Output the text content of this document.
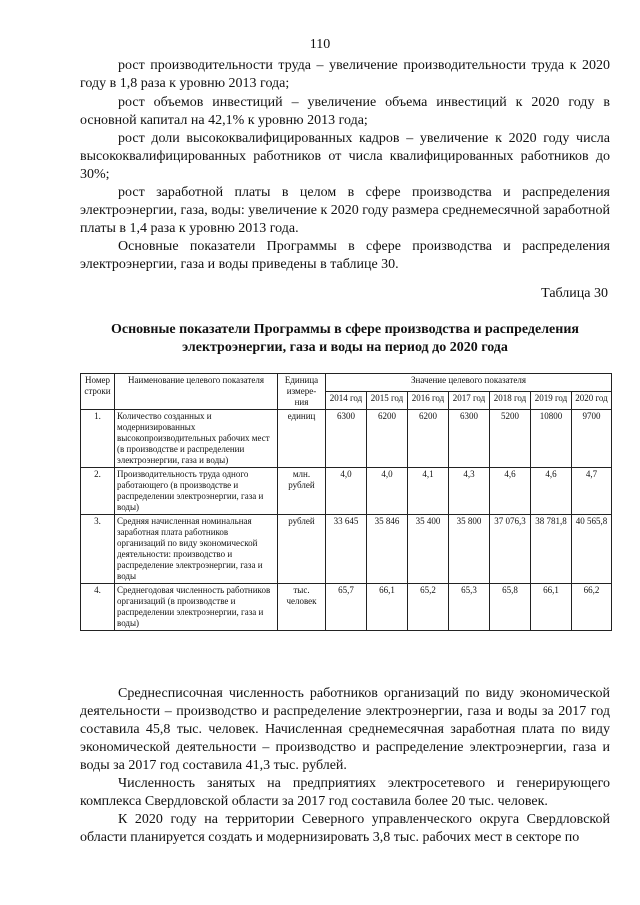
110

рост производительности труда – увеличение производительности труда к 2020 году в 1,8 раза к уровню 2013 года;

рост объемов инвестиций – увеличение объема инвестиций к 2020 году в основной капитал на 42,1% к уровню 2013 года;

рост доли высококвалифицированных кадров – увеличение к 2020 году числа высококвалифицированных работников от числа квалифицированных работников до 30%;

рост заработной платы в целом в сфере производства и распределения электроэнергии, газа, воды: увеличение к 2020 году размера среднемесячной заработной платы в 1,4 раза к уровню 2013 года.

Основные показатели Программы в сфере производства и распределения электроэнергии, газа и воды приведены в таблице 30.

Таблица 30
Основные показатели Программы в сфере производства и распределения электроэнергии, газа и воды на период до 2020 года
Номер строки	Наименование целевого показателя	Единица измере-ния	Значение целевого показателя						
			2014 год	2015 год	2016 год	2017 год	2018 год	2019 год	2020 год
1.	Количество созданных и модернизированных высокопроизводительных рабочих мест (в производстве и распределении электроэнергии, газа и воды)	единиц	6300	6200	6200	6300	5200	10800	9700
2.	Производительность труда одного работающего (в производстве и распределении электроэнергии, газа и воды)	млн. рублей	4,0	4,0	4,1	4,3	4,6	4,6	4,7
3.	Средняя начисленная номинальная заработная плата работников организаций по виду экономической деятельности: производство и распределение электроэнергии, газа и воды	рублей	33 645	35 846	35 400	35 800	37 076,3	38 781,8	40 565,8
4.	Среднегодовая численность работников организаций (в производстве и распределении электроэнергии, газа и воды)	тыс. человек	65,7	66,1	65,2	65,3	65,8	66,1	66,2

Среднесписочная численность работников организаций по виду экономической деятельности – производство и распределение электроэнергии, газа и воды за 2017 год составила 45,8 тыс. человек. Начисленная среднемесячная заработная плата по виду экономической деятельности – производство и распределение электроэнергии, газа и воды за 2017 год составила 41,3 тыс. рублей.

Численность занятых на предприятиях электросетевого и генерирующего комплекса Свердловской области за 2017 год составила более 20 тыс. человек.

К 2020 году на территории Северного управленческого округа Свердловской области планируется создать и модернизировать 3,8 тыс. рабочих мест в секторе по
